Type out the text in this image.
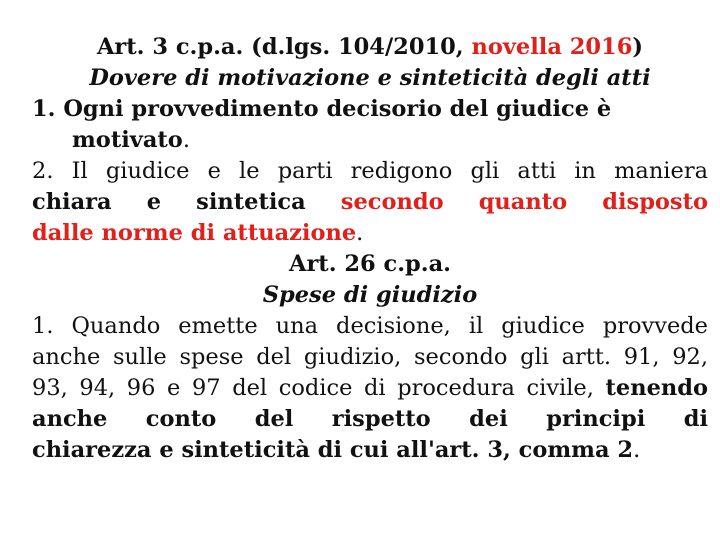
Art. 3 c.p.a. (d.lgs. 104/2010, novella 2016)
Dovere di motivazione e sinteticità degli atti
1. Ogni provvedimento decisorio del giudice è
motivato.
2. Il giudice e le parti redigono gli atti in maniera
chiara e sintetica secondo quanto disposto
dalle norme di attuazione.
Art. 26 c.p.a.
Spese di giudizio
1. Quando emette una decisione, il giudice provvede
anche sulle spese del giudizio, secondo gli artt. 91, 92,
93, 94, 96 e 97 del codice di procedura civile, tenendo
anche conto del rispetto dei principi di
chiarezza e sinteticità di cui all'art. 3, comma 2.
